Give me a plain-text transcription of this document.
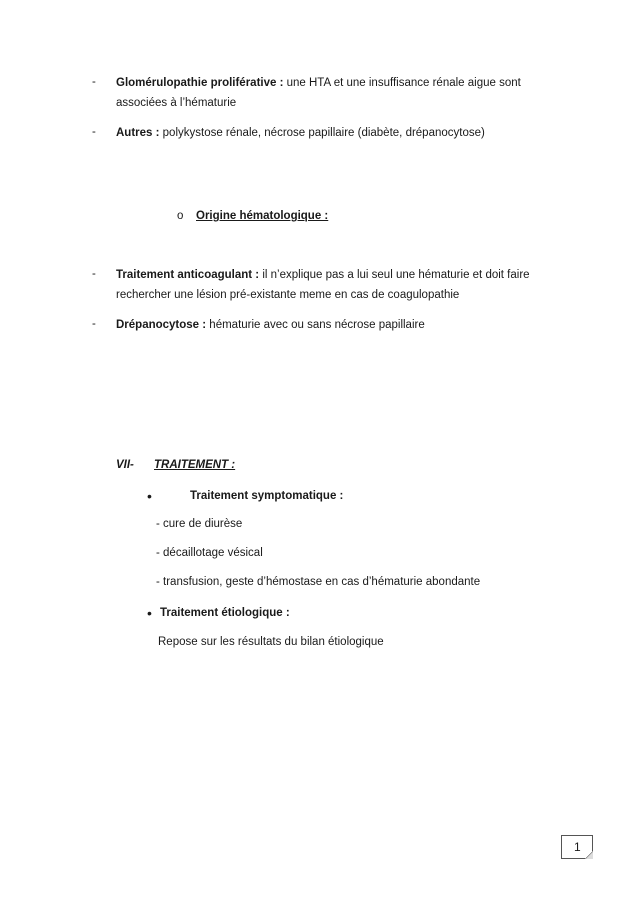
- Glomérulopathie proliférative : une HTA et une insuffisance rénale aigue sont
associées à l’hématurie
- Autres : polykystose rénale, nécrose papillaire (diabète, drépanocytose)
o Origine hématologique :
- Traitement anticoagulant : il n’explique pas a lui seul une hématurie et doit faire
rechercher une lésion pré-existante meme en cas de coagulopathie
- Drépanocytose : hématurie avec ou sans nécrose papillaire
VII- TRAITEMENT :
•	Traitement symptomatique :
- cure de diurèse
- décaillotage vésical
- transfusion, geste d’hémostase en cas d’hématurie abondante
• Traitement étiologique :
Repose sur les résultats du bilan étiologique
1
